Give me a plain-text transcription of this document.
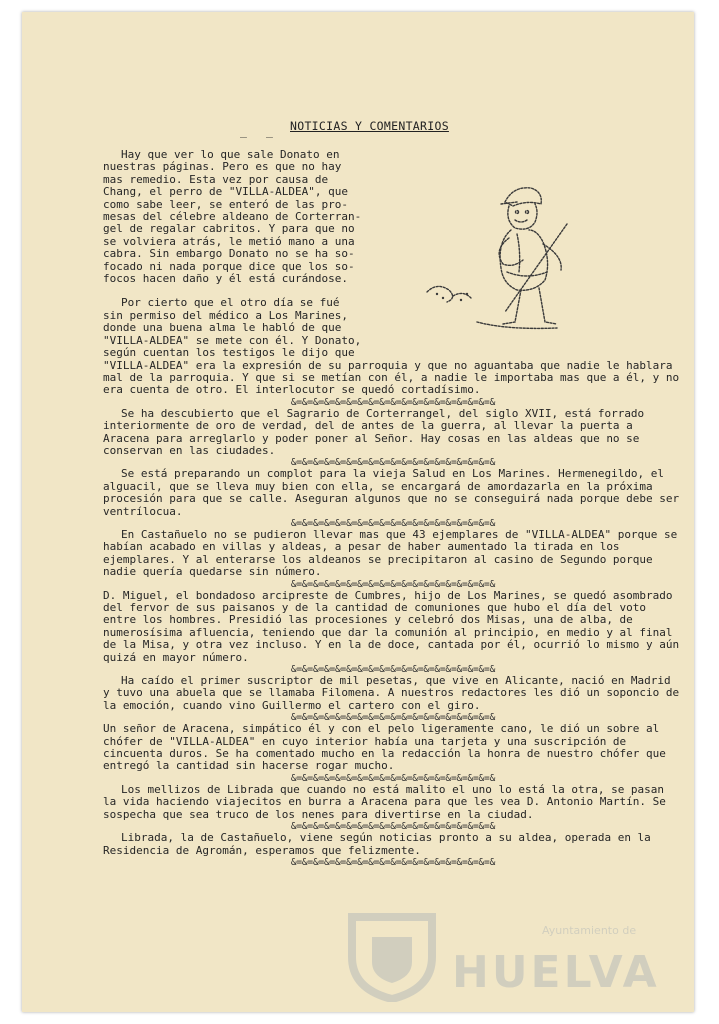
_ _ NOTICIAS Y COMENTARIOS

Hay que ver lo que sale Donato en

nuestras páginas. Pero es que no hay

mas remedio. Esta vez por causa de

Chang, el perro de "VILLA-ALDEA", que

como sabe leer, se enteró de las pro-

mesas del célebre aldeano de Corterran-

gel de regalar cabritos. Y para que no

se volviera atrás, le metió mano a una

cabra. Sin embargo Donato no se ha so-

focado ni nada porque dice que los so-

focos hacen daño y él está curándose.

Por cierto que el otro día se fué

sin permiso del médico a Los Marines,

donde una buena alma le habló de que

"VILLA-ALDEA" se mete con él. Y Donato,

según cuentan los testigos le dijo que

"VILLA-ALDEA" era la expresión de su parroquia y que no aguantaba que nadie le hablara mal de la parroquia. Y que si se metían con él, a nadie le importaba mas que a él, y no era cuenta de otro. El interlocutor se quedó cortadísimo.

&=&=&=&=&=&=&=&=&=&=&=&=&=&=&=&=&=&=&

Se ha descubierto que el Sagrario de Corterrangel, del siglo XVII, está forrado interiormente de oro de verdad, del de antes de la guerra, al llevar la puerta a Aracena para arreglarlo y poder poner al Señor. Hay cosas en las aldeas que no se conservan en las ciudades.

&=&=&=&=&=&=&=&=&=&=&=&=&=&=&=&=&=&=&

Se está preparando un complot para la vieja Salud en Los Marines. Hermenegildo, el alguacil, que se lleva muy bien con ella, se encargará de amordazarla en la próxima procesión para que se calle. Aseguran algunos que no se conseguirá nada porque debe ser ventrílocua.

&=&=&=&=&=&=&=&=&=&=&=&=&=&=&=&=&=&=&

En Castañuelo no se pudieron llevar mas que 43 ejemplares de "VILLA-ALDEA" porque se habían acabado en villas y aldeas, a pesar de haber aumentado la tirada en los ejemplares. Y al enterarse los aldeanos se precipitaron al casino de Segundo porque nadie quería quedarse sin número.

&=&=&=&=&=&=&=&=&=&=&=&=&=&=&=&=&=&=&

D. Miguel, el bondadoso arcipreste de Cumbres, hijo de Los Marines, se quedó asombrado del fervor de sus paisanos y de la cantidad de comuniones que hubo el día del voto entre los hombres. Presidió las procesiones y celebró dos Misas, una de alba, de numerosísima afluencia, teniendo que dar la comunión al principio, en medio y al final de la Misa, y otra vez incluso. Y en la de doce, cantada por él, ocurrió lo mismo y aún quizá en mayor número.

&=&=&=&=&=&=&=&=&=&=&=&=&=&=&=&=&=&=&

Ha caído el primer suscriptor de mil pesetas, que vive en Alicante, nació en Madrid y tuvo una abuela que se llamaba Filomena. A nuestros redactores les dió un soponcio de la emoción, cuando vino Guillermo el cartero con el giro.

&=&=&=&=&=&=&=&=&=&=&=&=&=&=&=&=&=&=&

Un señor de Aracena, simpático él y con el pelo ligeramente cano, le dió un sobre al chófer de "VILLA-ALDEA" en cuyo interior había una tarjeta y una suscripción de cincuenta duros. Se ha comentado mucho en la redacción la honra de nuestro chófer que entregó la cantidad sin hacerse rogar mucho.

&=&=&=&=&=&=&=&=&=&=&=&=&=&=&=&=&=&=&

Los mellizos de Librada que cuando no está malito el uno lo está la otra, se pasan la vida haciendo viajecitos en burra a Aracena para que les vea D. Antonio Martín. Se sospecha que sea truco de los nenes para divertirse en la ciudad.

&=&=&=&=&=&=&=&=&=&=&=&=&=&=&=&=&=&=&

Librada, la de Castañuelo, viene según noticias pronto a su aldea, operada en la Residencia de Agromán, esperamos que felizmente.

&=&=&=&=&=&=&=&=&=&=&=&=&=&=&=&=&=&=&
Ayuntamiento de
HUELVA
